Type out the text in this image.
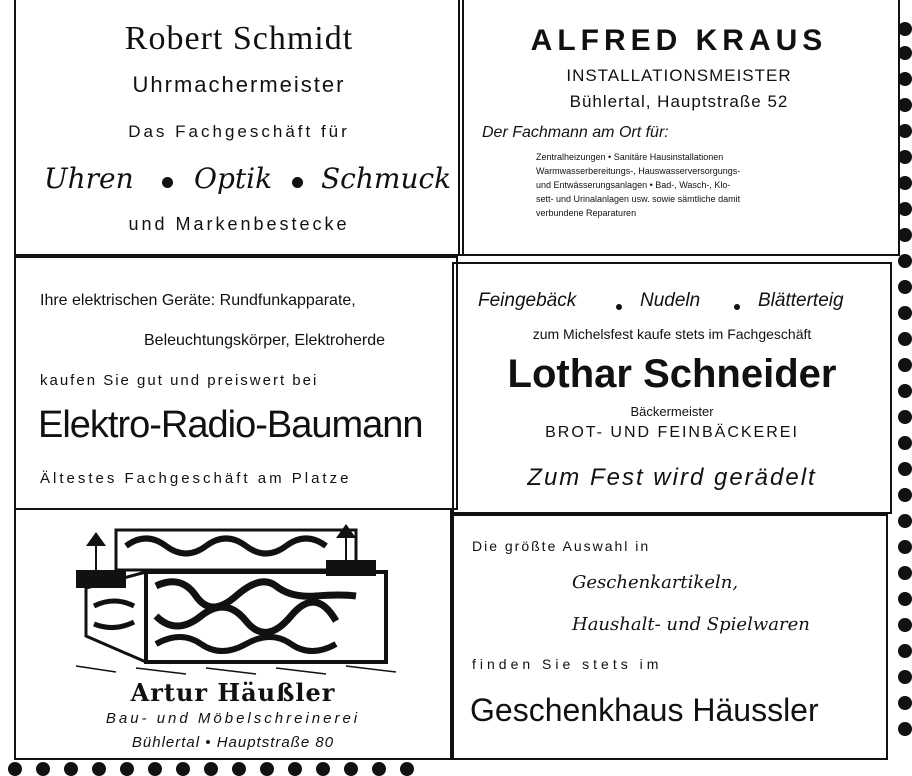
Robert Schmidt
Uhrmachermeister
Das Fachgeschäft für
Uhren Optik Schmuck
und Markenbestecke
ALFRED KRAUS
INSTALLATIONSMEISTER
Bühlertal, Hauptstraße 52
Der Fachmann am Ort für:
Zentralheizungen • Sanitäre Hausinstallationen
Warmwasserbereitungs-, Hauswasserversorgungs-
und Entwässerungsanlagen • Bad-, Wasch-, Klo-
sett- und Urinalanlagen usw. sowie sämtliche damit
verbundene Reparaturen
Ihre elektrischen Geräte: Rundfunkapparate,
Beleuchtungskörper, Elektroherde
kaufen Sie gut und preiswert bei
Elektro-Radio-Baumann
Ältestes Fachgeschäft am Platze
Feingebäck	Nudeln	Blätterteig
zum Michelsfest kaufe stets im Fachgeschäft
Lothar Schneider
Bäckermeister
BROT- UND FEINBÄCKEREI
Zum Fest wird gerädelt
Artur Häußler
Bau- und Möbelschreinerei
Bühlertal • Hauptstraße 80
Die größte Auswahl in
Geschenkartikeln,
Haushalt- und Spielwaren
finden Sie stets im
Geschenkhaus Häussler
